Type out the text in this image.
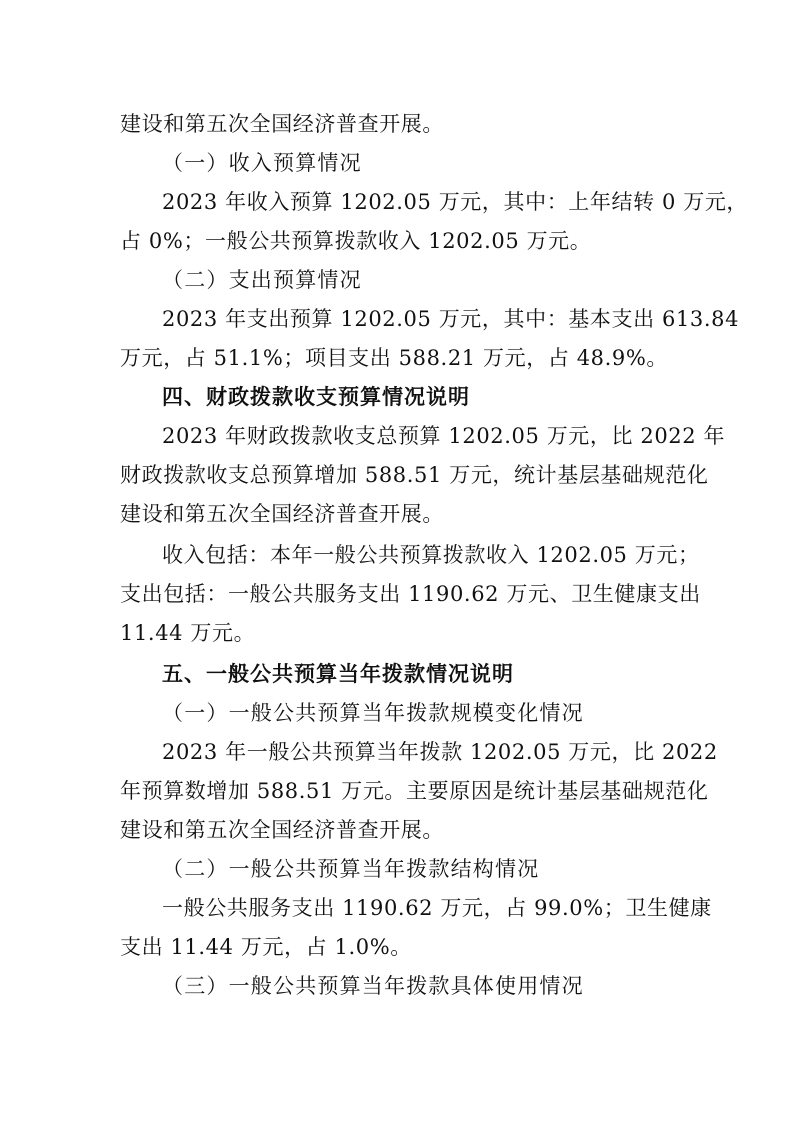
建设和第五次全国经济普查开展。
（一）收入预算情况
2023 年收入预算 1202.05 万元，其中：上年结转 0 万元，
占 0%；一般公共预算拨款收入 1202.05 万元。
（二）支出预算情况
2023 年支出预算 1202.05 万元，其中：基本支出 613.84
万元，占 51.1%；项目支出 588.21 万元，占 48.9%。
四、财政拨款收支预算情况说明
2023 年财政拨款收支总预算 1202.05 万元，比 2022 年
财政拨款收支总预算增加 588.51 万元，统计基层基础规范化
建设和第五次全国经济普查开展。
收入包括：本年一般公共预算拨款收入 1202.05 万元；
支出包括：一般公共服务支出 1190.62 万元、卫生健康支出
11.44 万元。
五、一般公共预算当年拨款情况说明
（一）一般公共预算当年拨款规模变化情况
2023 年一般公共预算当年拨款 1202.05 万元，比 2022
年预算数增加 588.51 万元。主要原因是统计基层基础规范化
建设和第五次全国经济普查开展。
（二）一般公共预算当年拨款结构情况
一般公共服务支出 1190.62 万元，占 99.0%；卫生健康
支出 11.44 万元，占 1.0%。
（三）一般公共预算当年拨款具体使用情况
